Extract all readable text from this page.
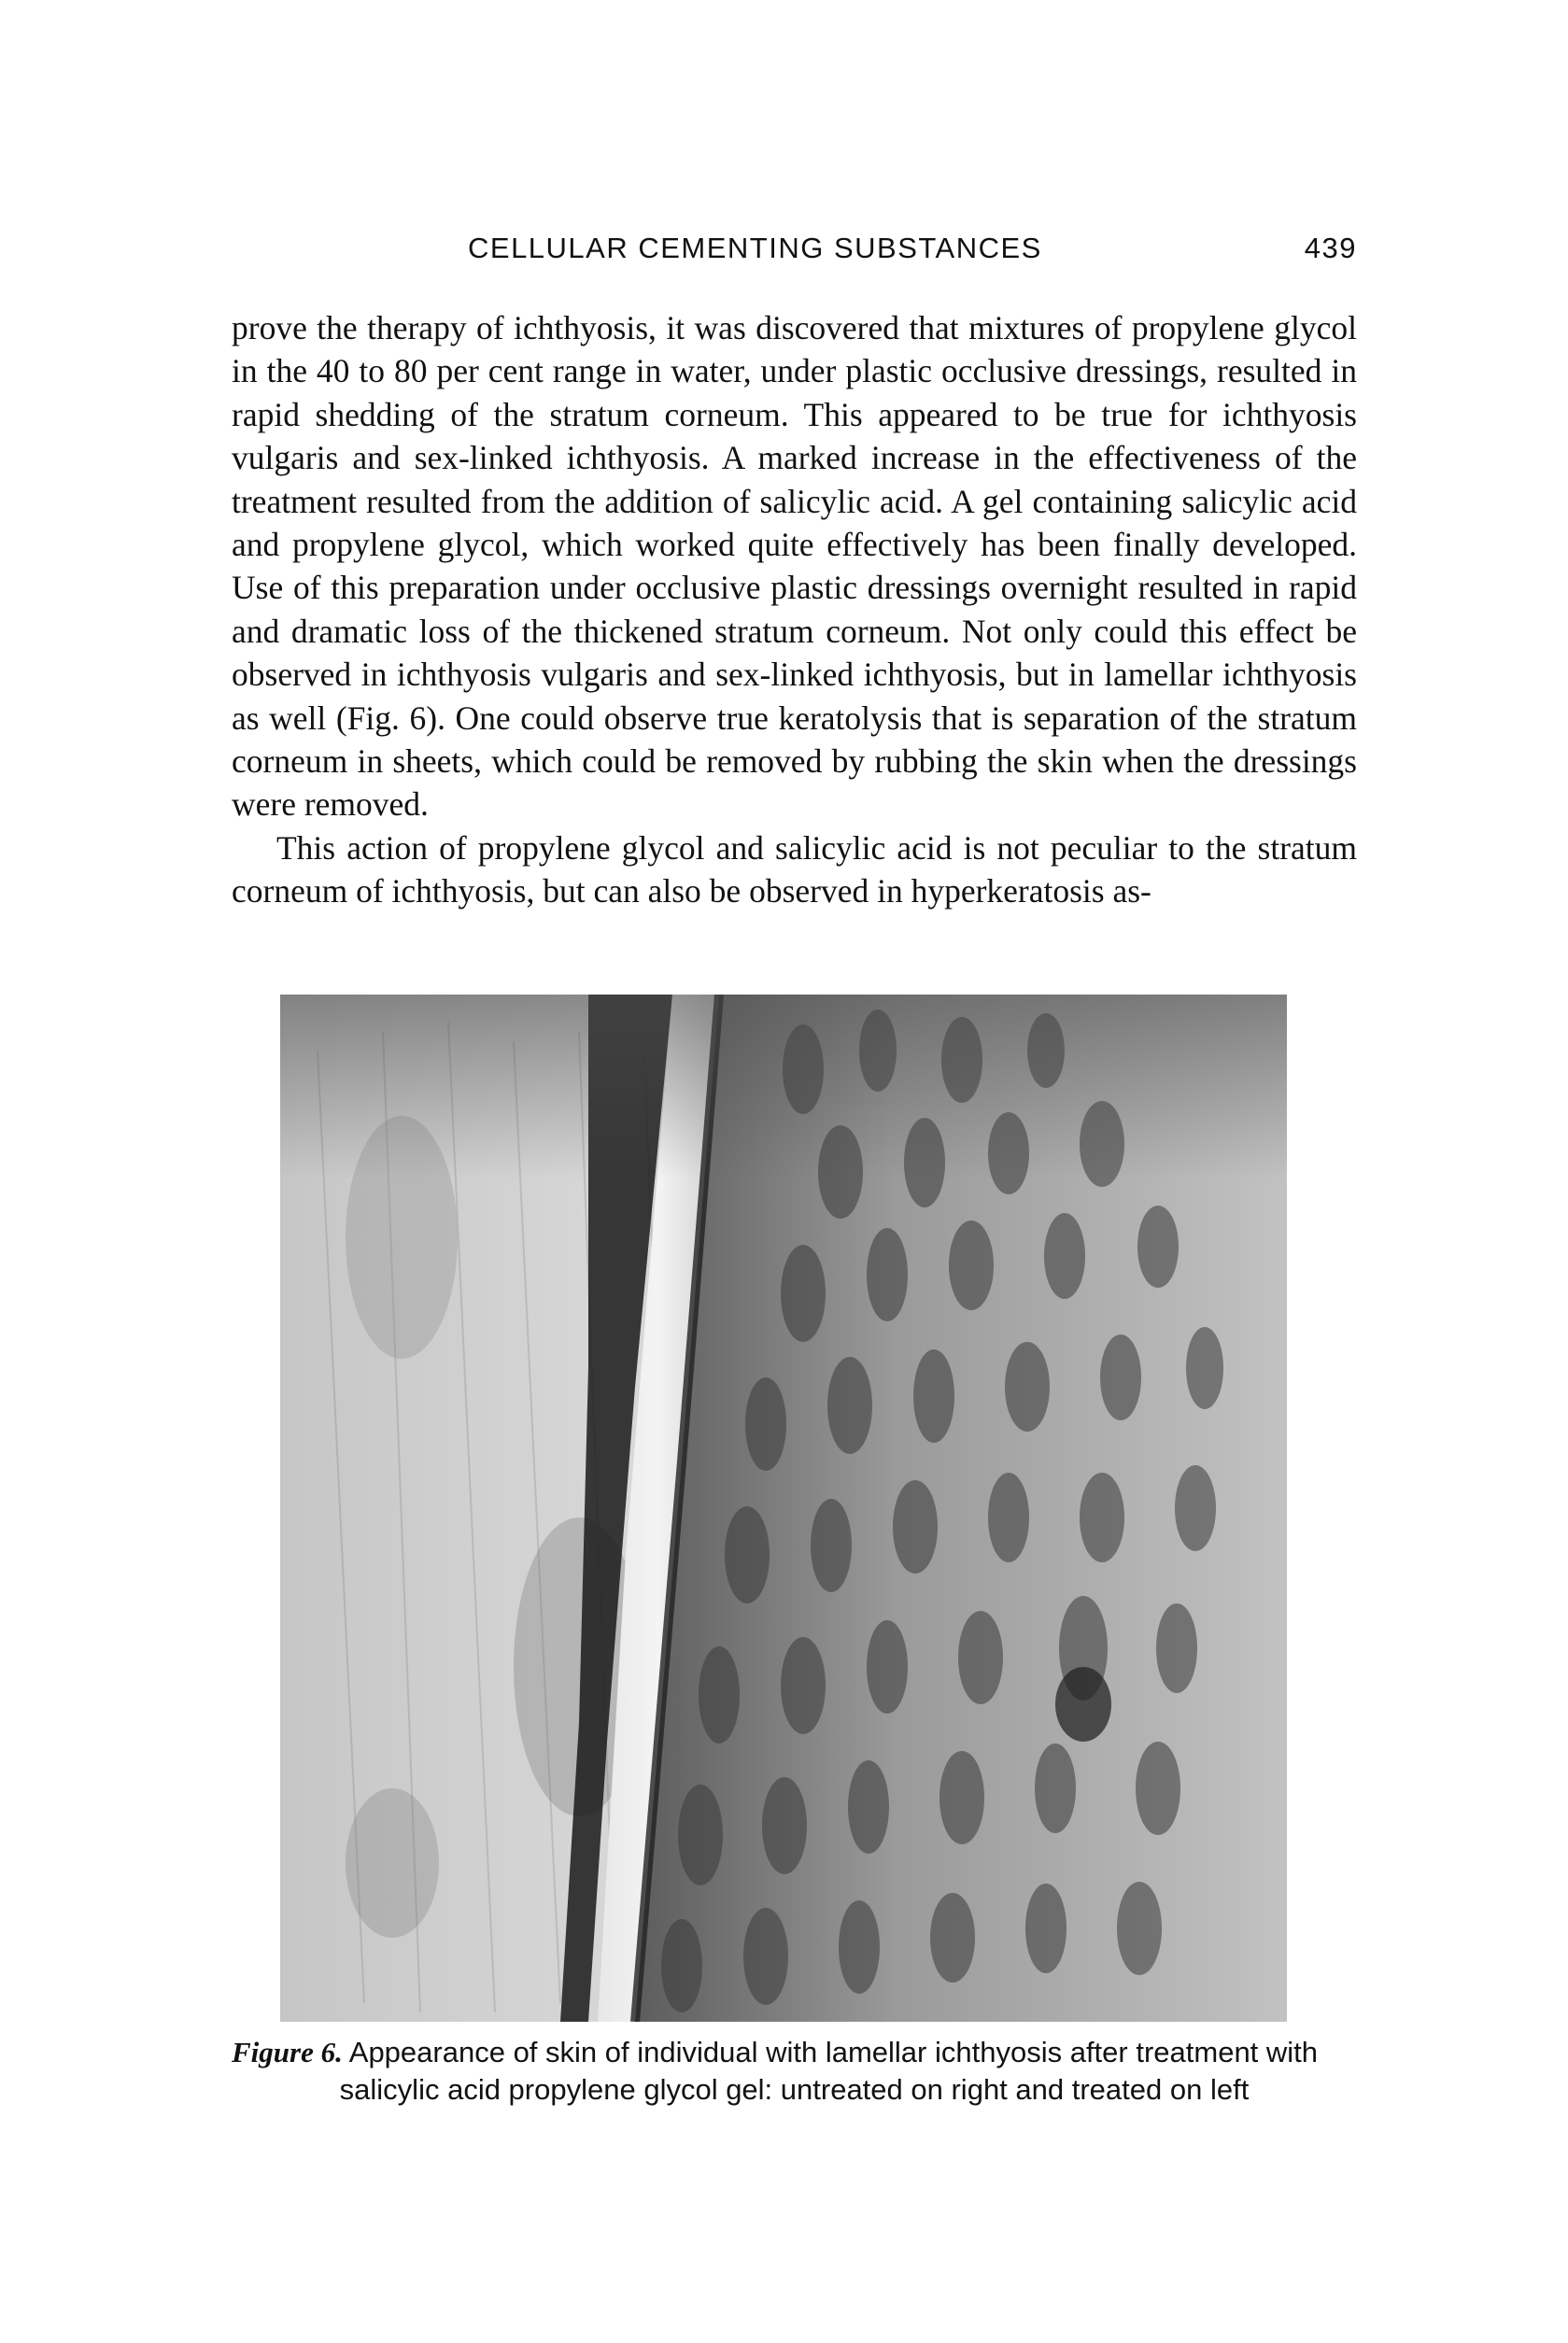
CELLULAR CEMENTING SUBSTANCES	439

prove the therapy of ichthyosis, it was discovered that mixtures of propylene glycol in the 40 to 80 per cent range in water, under plastic occlusive dressings, resulted in rapid shedding of the stratum corneum. This appeared to be true for ichthyosis vulgaris and sex-linked ichthyosis. A marked increase in the effectiveness of the treatment resulted from the addition of salicylic acid. A gel containing salicylic acid and propylene glycol, which worked quite effectively has been finally developed. Use of this preparation under occlusive plastic dressings overnight resulted in rapid and dramatic loss of the thickened stratum corneum. Not only could this effect be observed in ichthyosis vulgaris and sex-linked ichthyosis, but in lamellar ichthyosis as well (Fig. 6). One could observe true keratolysis that is separation of the stratum corneum in sheets, which could be removed by rubbing the skin when the dressings were removed.

This action of propylene glycol and salicylic acid is not peculiar to the stratum corneum of ichthyosis, but can also be observed in hyperkeratosis as-

Figure 6. Appearance of skin of individual with lamellar ichthyosis after treatment with
salicylic acid propylene glycol gel: untreated on right and treated on left
